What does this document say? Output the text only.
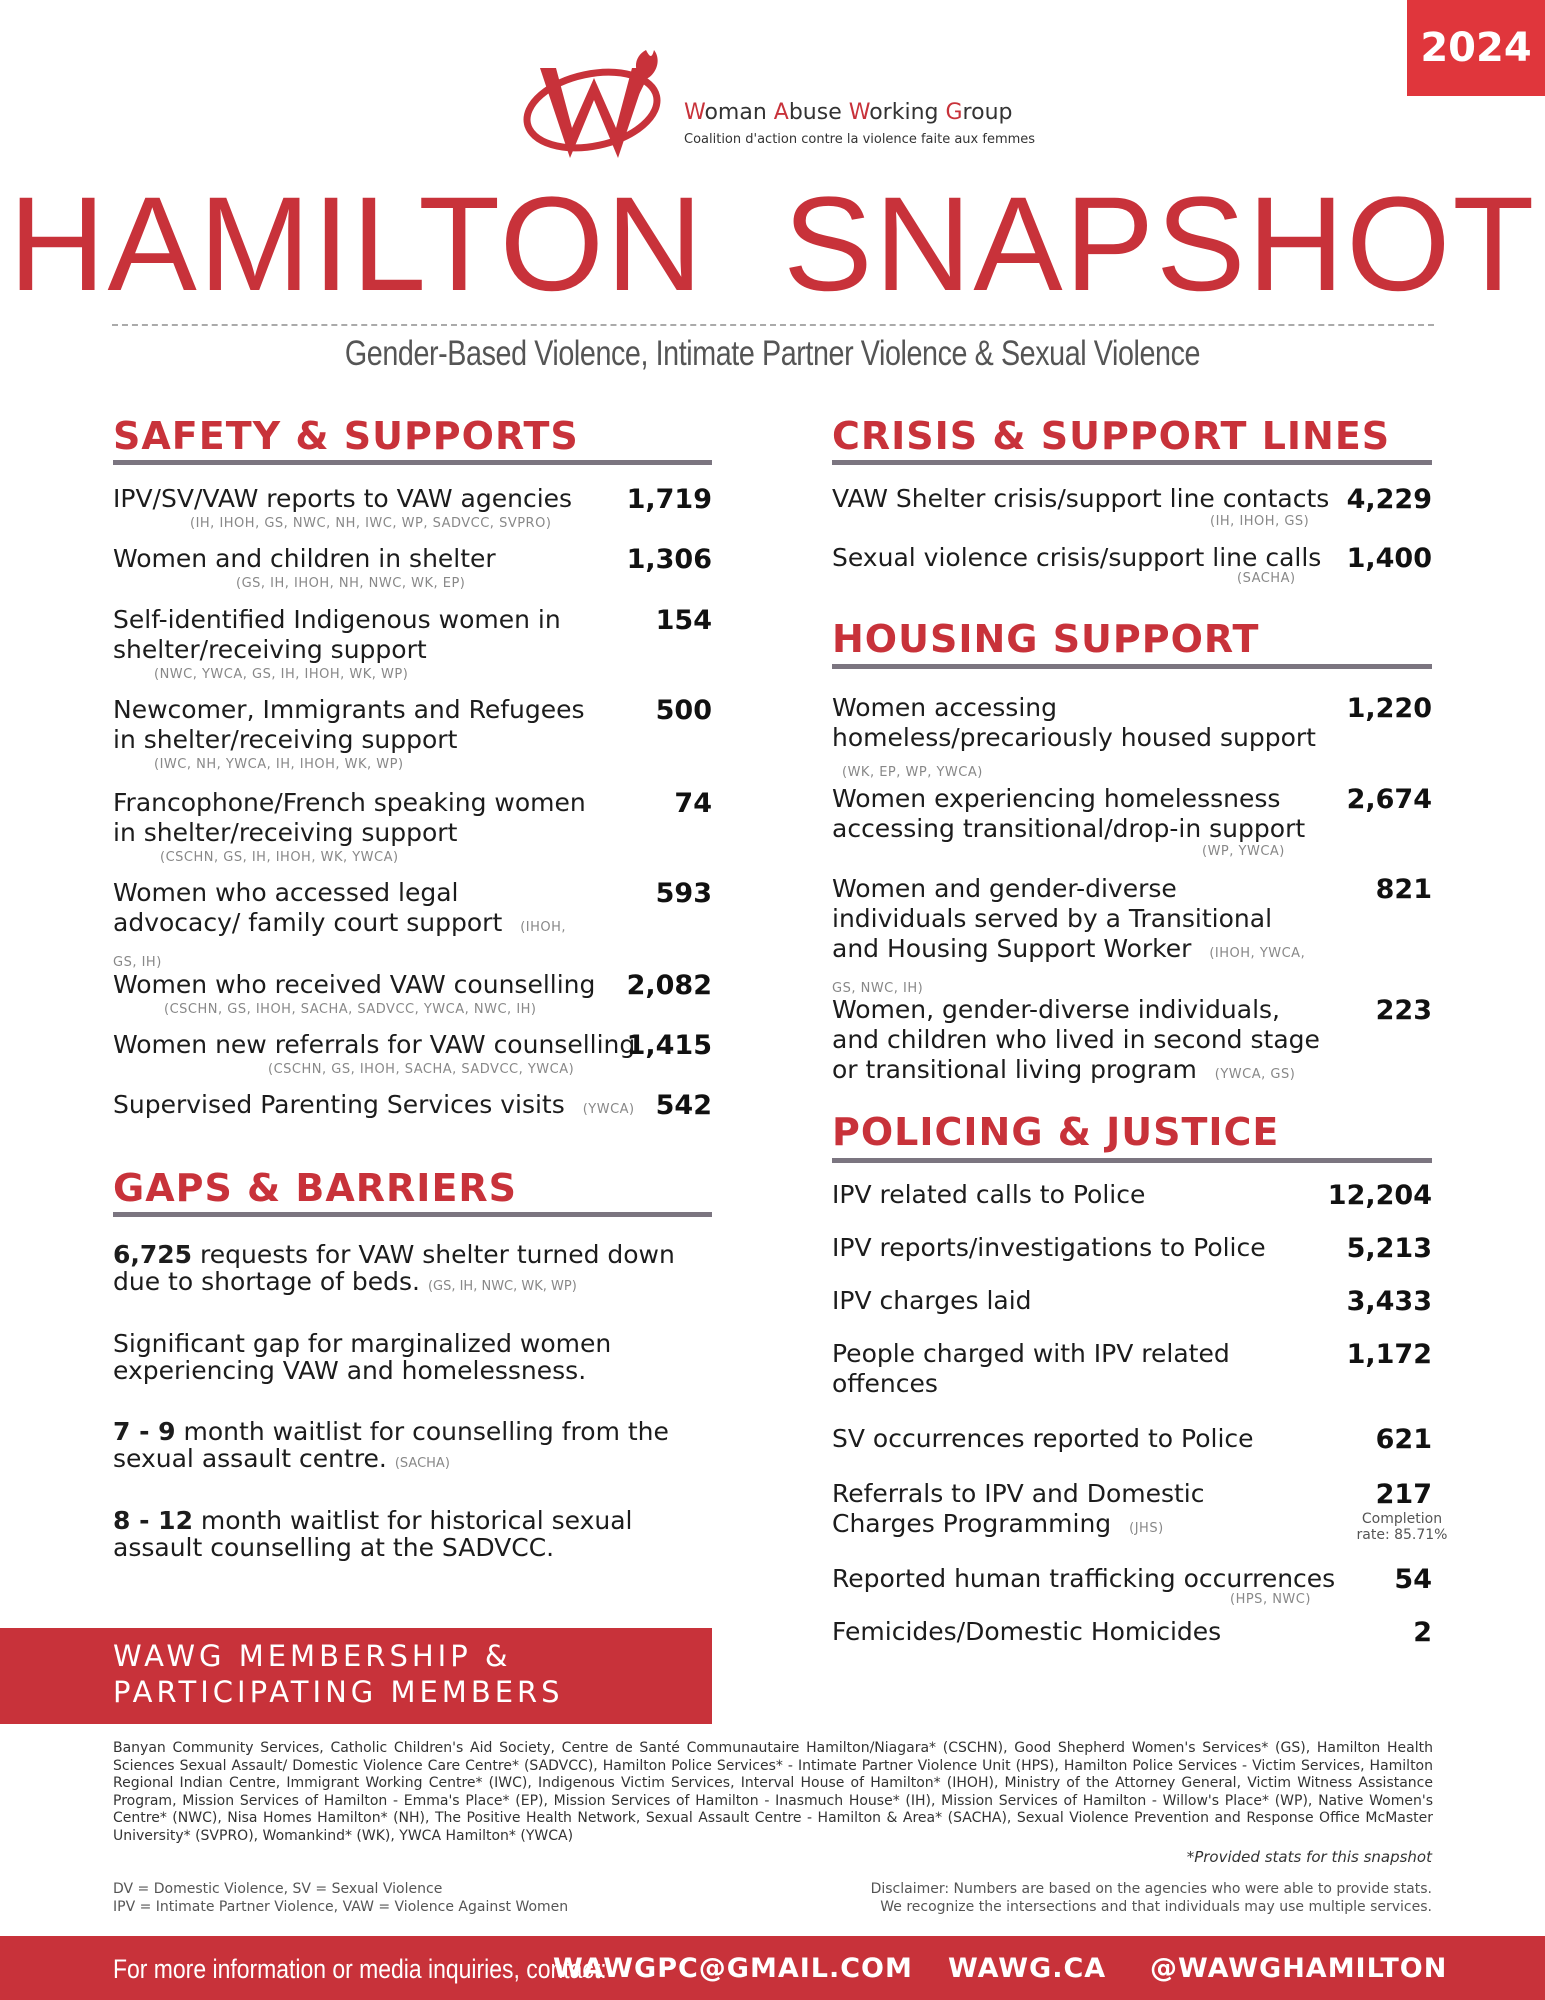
2024
Woman Abuse Working Group
Coalition d'action contre la violence faite aux femmes
HAMILTON  SNAPSHOT
Gender-Based Violence, Intimate Partner Violence & Sexual Violence
SAFETY & SUPPORTS
IPV/SV/VAW reports to VAW agencies
(IH, IHOH, GS, NWC, NH, IWC, WP, SADVCC, SVPRO)
1,719
Women and children in shelter
(GS, IH, IHOH, NH, NWC, WK, EP)
1,306
Self-identified Indigenous women in shelter/receiving support
(NWC, YWCA, GS, IH, IHOH, WK, WP)
154
Newcomer, Immigrants and Refugees in shelter/receiving support
(IWC, NH, YWCA, IH, IHOH, WK, WP)
500
Francophone/French speaking women in shelter/receiving support
(CSCHN, GS, IH, IHOH, WK, YWCA)
74
Women who accessed legal advocacy/ family court support (IHOH, GS, IH)
593
Women who received VAW counselling
(CSCHN, GS, IHOH, SACHA, SADVCC, YWCA, NWC, IH)
2,082
Women new referrals for VAW counselling
(CSCHN, GS, IHOH, SACHA, SADVCC, YWCA)
1,415
Supervised Parenting Services visits (YWCA) 542
GAPS & BARRIERS
6,725 requests for VAW shelter turned down due to shortage of beds. (GS, IH, NWC, WK, WP)
Significant gap for marginalized women experiencing VAW and homelessness.
7 - 9 month waitlist for counselling from the sexual assault centre. (SACHA)
8 - 12 month waitlist for historical sexual assault counselling at the SADVCC.
CRISIS & SUPPORT LINES
VAW Shelter crisis/support line contacts
(IH, IHOH, GS)
4,229
Sexual violence crisis/support line calls
(SACHA)
1,400
HOUSING SUPPORT
Women accessing homeless/precariously housed support (WK, EP, WP, YWCA)
1,220
Women experiencing homelessness accessing transitional/drop-in support
(WP, YWCA)
2,674
Women and gender-diverse individuals served by a Transitional and Housing Support Worker (IHOH, YWCA, GS, NWC, IH)
821
Women, gender-diverse individuals, and children who lived in second stage or transitional living program (YWCA, GS)
223
POLICING & JUSTICE
IPV related calls to Police	12,204
IPV reports/investigations to Police	5,213
IPV charges laid	3,433
People charged with IPV related offences
1,172
SV occurrences reported to Police	621
Referrals to IPV and Domestic Charges Programming (JHS)
217
Completion rate: 85.71%
Reported human trafficking occurrences
(HPS, NWC)
54
Femicides/Domestic Homicides	2
WAWG MEMBERSHIP &
PARTICIPATING MEMBERS
Banyan Community Services, Catholic Children's Aid Society, Centre de Santé Communautaire Hamilton/Niagara* (CSCHN), Good Shepherd Women's Services* (GS), Hamilton Health Sciences Sexual Assault/ Domestic Violence Care Centre* (SADVCC), Hamilton Police Services* - Intimate Partner Violence Unit (HPS), Hamilton Police Services - Victim Services, Hamilton Regional Indian Centre, Immigrant Working Centre* (IWC), Indigenous Victim Services, Interval House of Hamilton* (IHOH), Ministry of the Attorney General, Victim Witness Assistance Program, Mission Services of Hamilton - Emma's Place* (EP), Mission Services of Hamilton - Inasmuch House* (IH), Mission Services of Hamilton - Willow's Place* (WP), Native Women's Centre* (NWC), Nisa Homes Hamilton* (NH), The Positive Health Network, Sexual Assault Centre - Hamilton & Area* (SACHA), Sexual Violence Prevention and Response Office McMaster University* (SVPRO), Womankind* (WK), YWCA Hamilton* (YWCA)
*Provided stats for this snapshot
DV = Domestic Violence, SV = Sexual Violence
IPV = Intimate Partner Violence, VAW = Violence Against Women
Disclaimer: Numbers are based on the agencies who were able to provide stats.
We recognize the intersections and that individuals may use multiple services.
For more information or media inquiries, contact:
WAWGPC@GMAIL.COM WAWG.CA @WAWGHAMILTON
